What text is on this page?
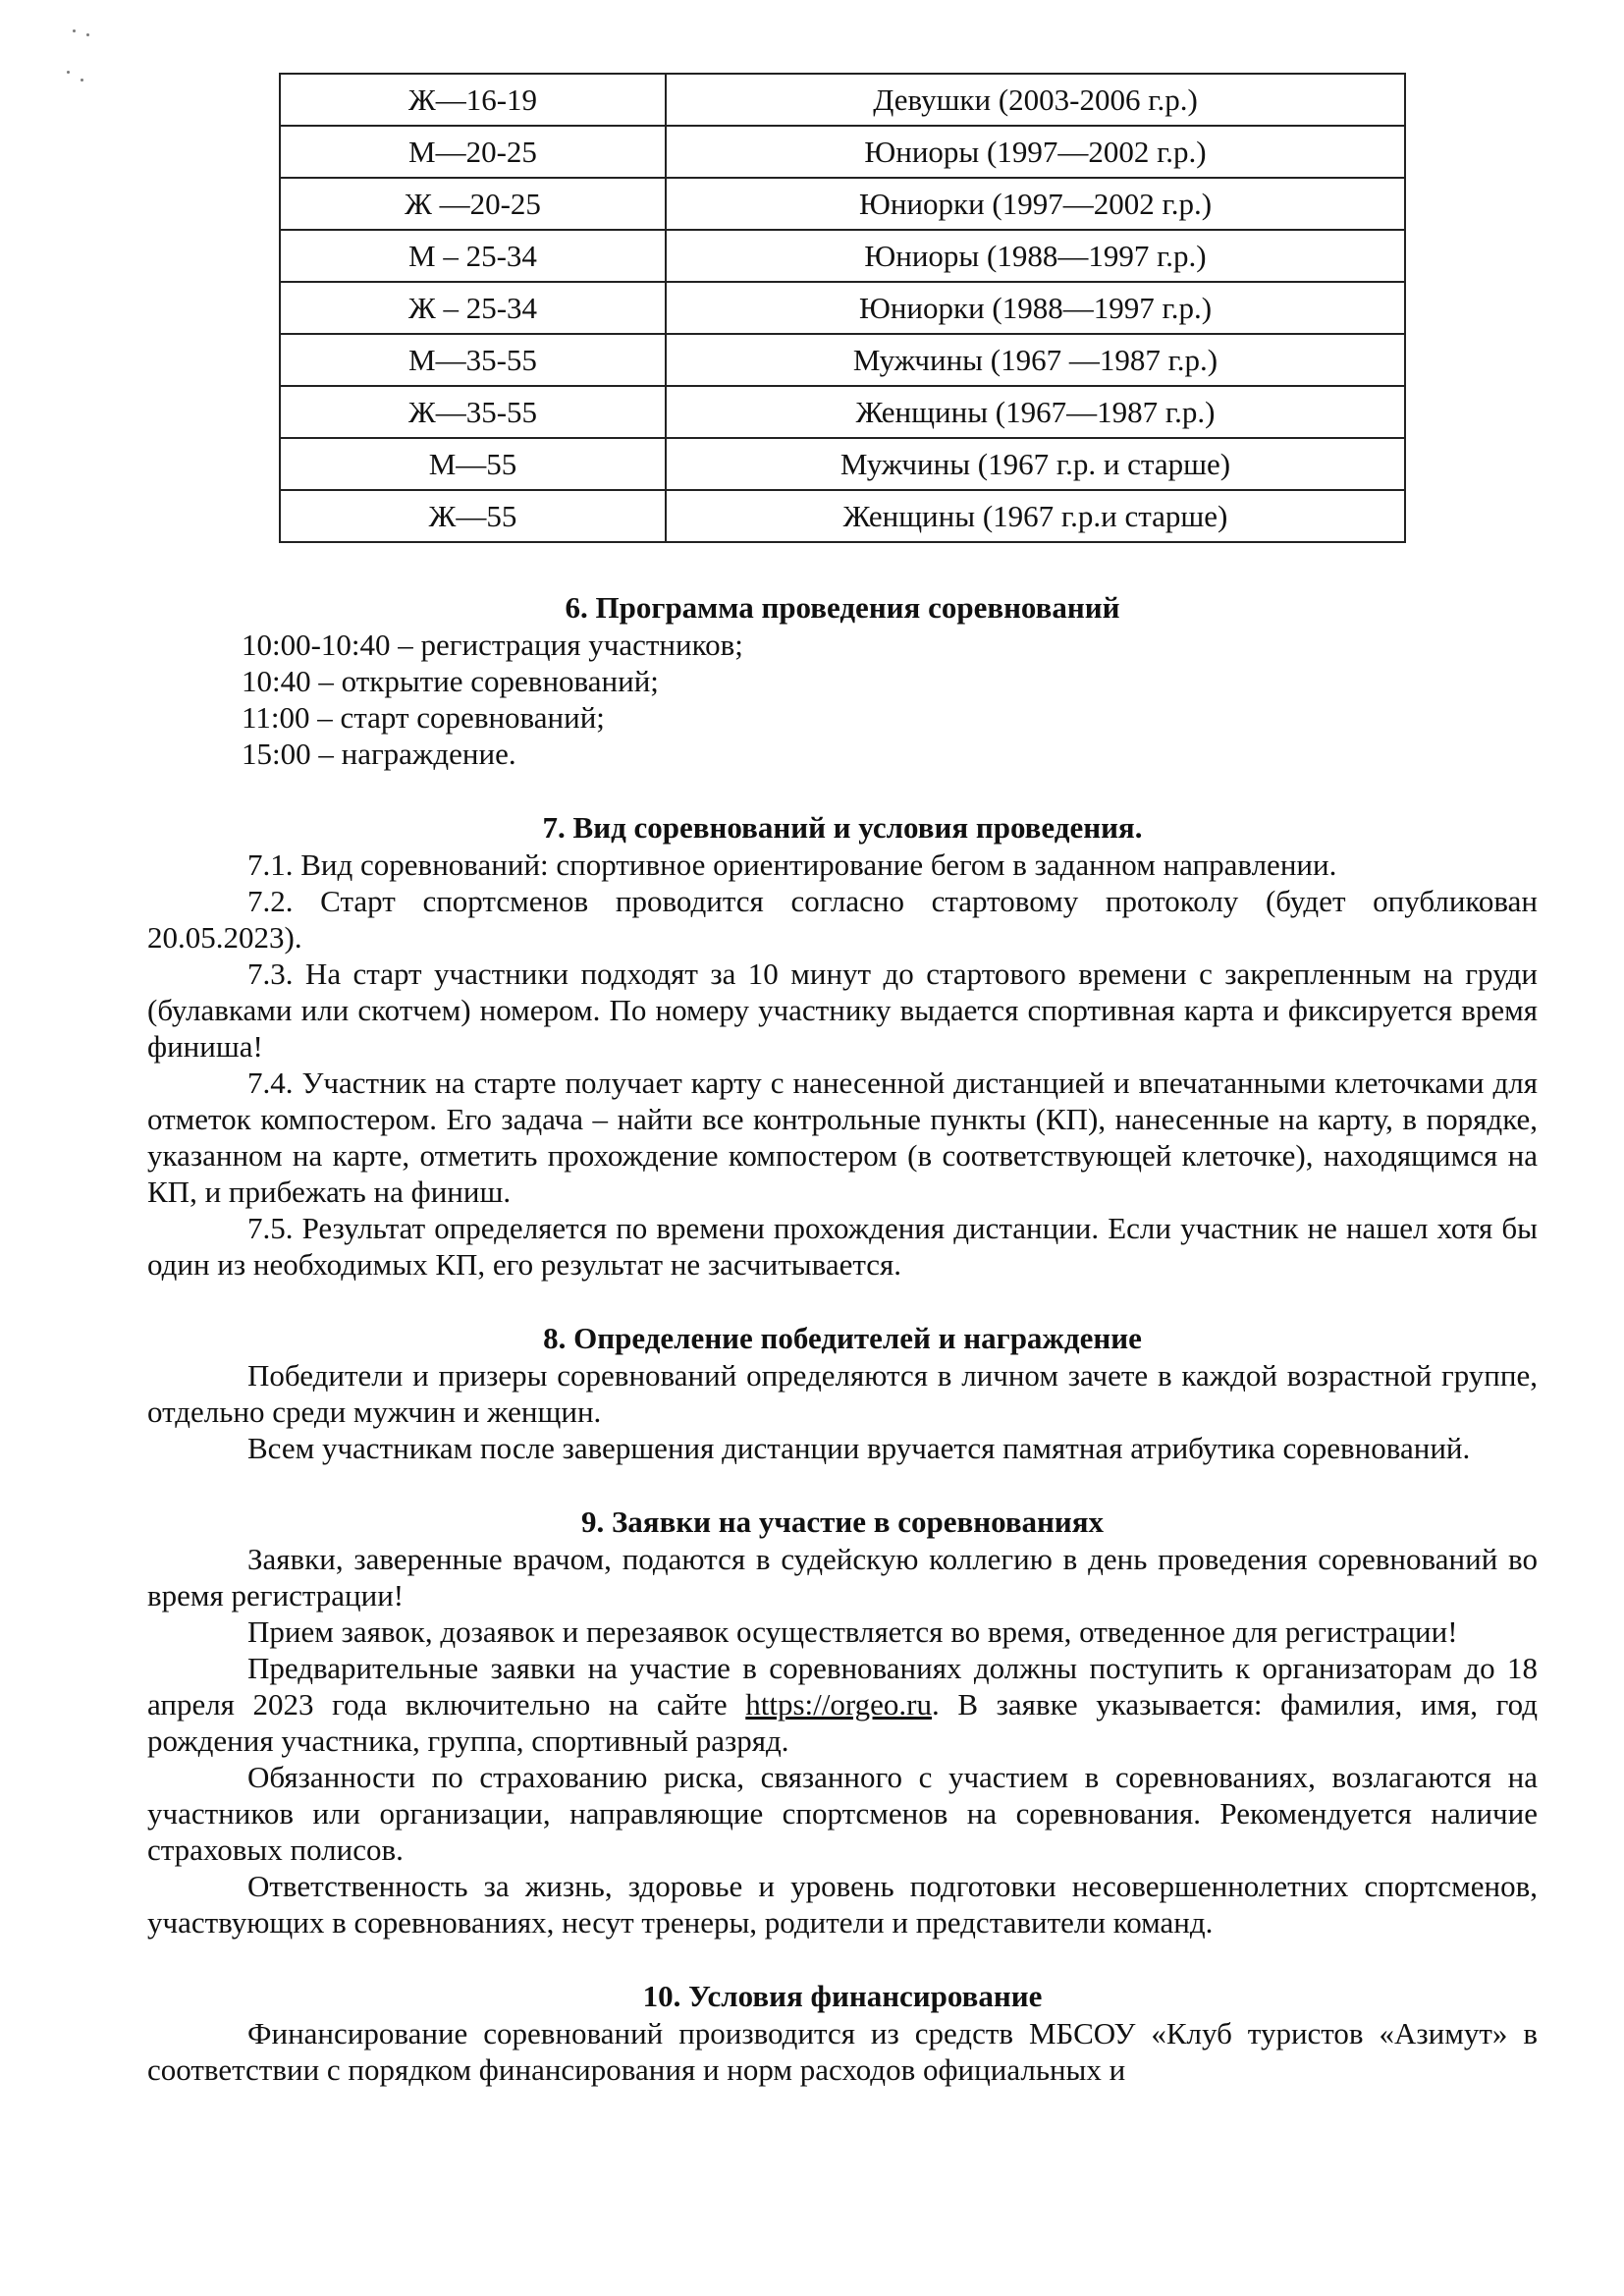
Ж—16-19	Девушки (2003-2006 г.р.)
М—20-25	Юниоры (1997—2002 г.р.)
Ж —20-25	Юниорки (1997—2002 г.р.)
М – 25-34	Юниоры (1988—1997 г.р.)
Ж – 25-34	Юниорки (1988—1997 г.р.)
М—35-55	Мужчины (1967 —1987 г.р.)
Ж—35-55	Женщины (1967—1987 г.р.)
М—55	Мужчины (1967 г.р. и старше)
Ж—55	Женщины (1967 г.р.и старше)
6. Программа проведения соревнований
10:00-10:40 – регистрация участников;
10:40 – открытие соревнований;
11:00 – старт соревнований;
15:00 – награждение.
7. Вид соревнований и условия проведения.

7.1. Вид соревнований: спортивное ориентирование бегом в заданном направлении.

7.2. Старт спортсменов проводится согласно стартовому протоколу (будет опубликован 20.05.2023).

7.3. На старт участники подходят за 10 минут до стартового времени с закрепленным на груди (булавками или скотчем) номером. По номеру участнику выдается спортивная карта и фиксируется время финиша!

7.4. Участник на старте получает карту с нанесенной дистанцией и впечатанными клеточками для отметок компостером. Его задача – найти все контрольные пункты (КП), нанесенные на карту, в порядке, указанном на карте, отметить прохождение компостером (в соответствующей клеточке), находящимся на КП, и прибежать на финиш.

7.5. Результат определяется по времени прохождения дистанции. Если участник не нашел хотя бы один из необходимых КП, его результат не засчитывается.

8. Определение победителей и награждение

Победители и призеры соревнований определяются в личном зачете в каждой возрастной группе, отдельно среди мужчин и женщин.

Всем участникам после завершения дистанции вручается памятная атрибутика соревнований.

9. Заявки на участие в соревнованиях

Заявки, заверенные врачом, подаются в судейскую коллегию в день проведения соревнований во время регистрации!

Прием заявок, дозаявок и перезаявок осуществляется во время, отведенное для регистрации!

Предварительные заявки на участие в соревнованиях должны поступить к организаторам до 18 апреля 2023 года включительно на сайте https://orgeo.ru. В заявке указывается: фамилия, имя, год рождения участника, группа, спортивный разряд.

Обязанности по страхованию риска, связанного с участием в соревнованиях, возлагаются на участников или организации, направляющие спортсменов на соревнования. Рекомендуется наличие страховых полисов.

Ответственность за жизнь, здоровье и уровень подготовки несовершеннолетних спортсменов, участвующих в соревнованиях, несут тренеры, родители и представители команд.

10. Условия финансирование

Финансирование соревнований производится из средств МБСОУ «Клуб туристов «Азимут» в соответствии с порядком финансирования и норм расходов официальных и
